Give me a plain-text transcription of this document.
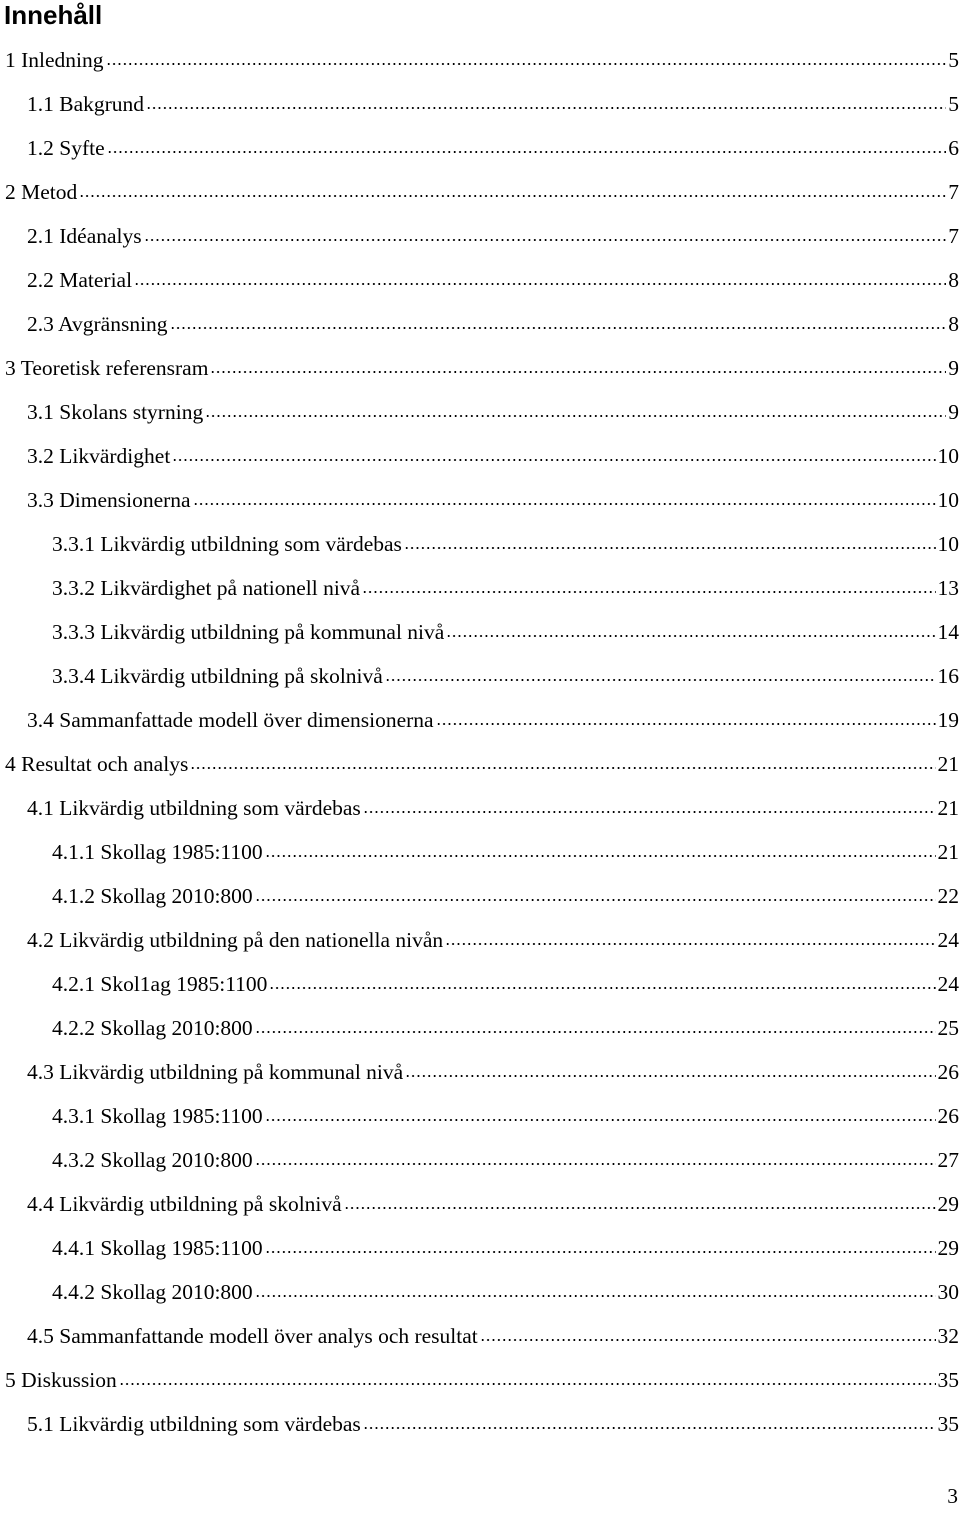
Innehåll
1 Inledning	5
1.1 Bakgrund	5
1.2 Syfte	6
2 Metod	7
2.1 Idéanalys	7
2.2 Material	8
2.3 Avgränsning	8
3 Teoretisk referensram	9
3.1 Skolans styrning	9
3.2 Likvärdighet	10
3.3 Dimensionerna	10
3.3.1 Likvärdig utbildning som värdebas	10
3.3.2 Likvärdighet på nationell nivå	13
3.3.3 Likvärdig utbildning på kommunal nivå	14
3.3.4 Likvärdig utbildning på skolnivå	16
3.4 Sammanfattade modell över dimensionerna	19
4 Resultat och analys	21
4.1 Likvärdig utbildning som värdebas	21
4.1.1 Skollag 1985:1100	21
4.1.2 Skollag 2010:800	22
4.2 Likvärdig utbildning på den nationella nivån	24
4.2.1 Skol1ag 1985:1100	24
4.2.2 Skollag 2010:800	25
4.3 Likvärdig utbildning på kommunal nivå	26
4.3.1 Skollag 1985:1100	26
4.3.2 Skollag 2010:800	27
4.4 Likvärdig utbildning på skolnivå	29
4.4.1 Skollag 1985:1100	29
4.4.2 Skollag 2010:800	30
4.5 Sammanfattande modell över analys och resultat	32
5 Diskussion	35
5.1 Likvärdig utbildning som värdebas	35
3
